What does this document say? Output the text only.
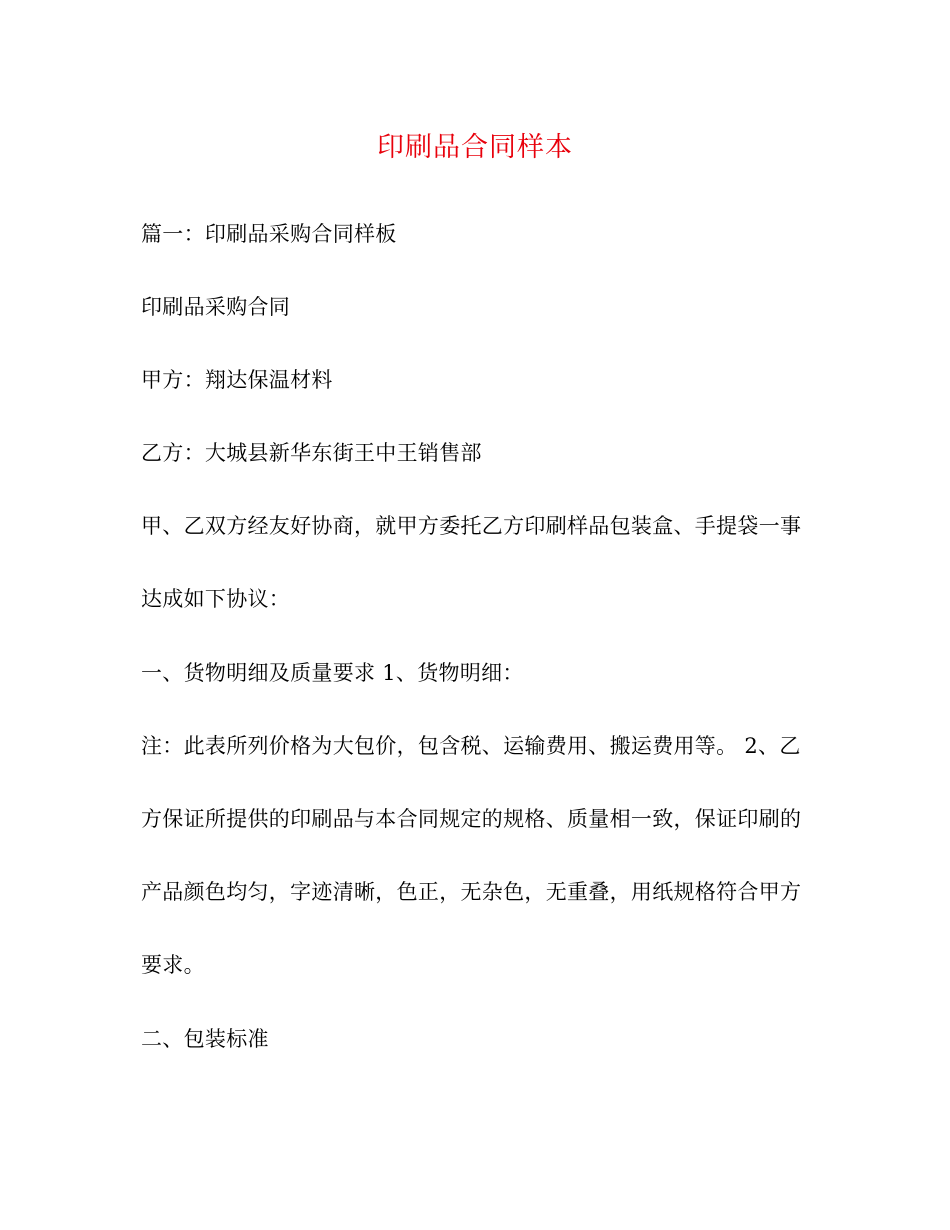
印刷品合同样本

篇一：印刷品采购合同样板

印刷品采购合同

甲方：翔达保温材料

乙方：大城县新华东街王中王销售部

甲、乙双方经友好协商，就甲方委托乙方印刷样品包装盒、手提袋一事达成如下协议：

一、货物明细及质量要求 1、货物明细：

注：此表所列价格为大包价，包含税、运输费用、搬运费用等。 2、乙方保证所提供的印刷品与本合同规定的规格、质量相一致，保证印刷的产品颜色均匀，字迹清晰，色正，无杂色，无重叠，用纸规格符合甲方要求。

二、包装标准
